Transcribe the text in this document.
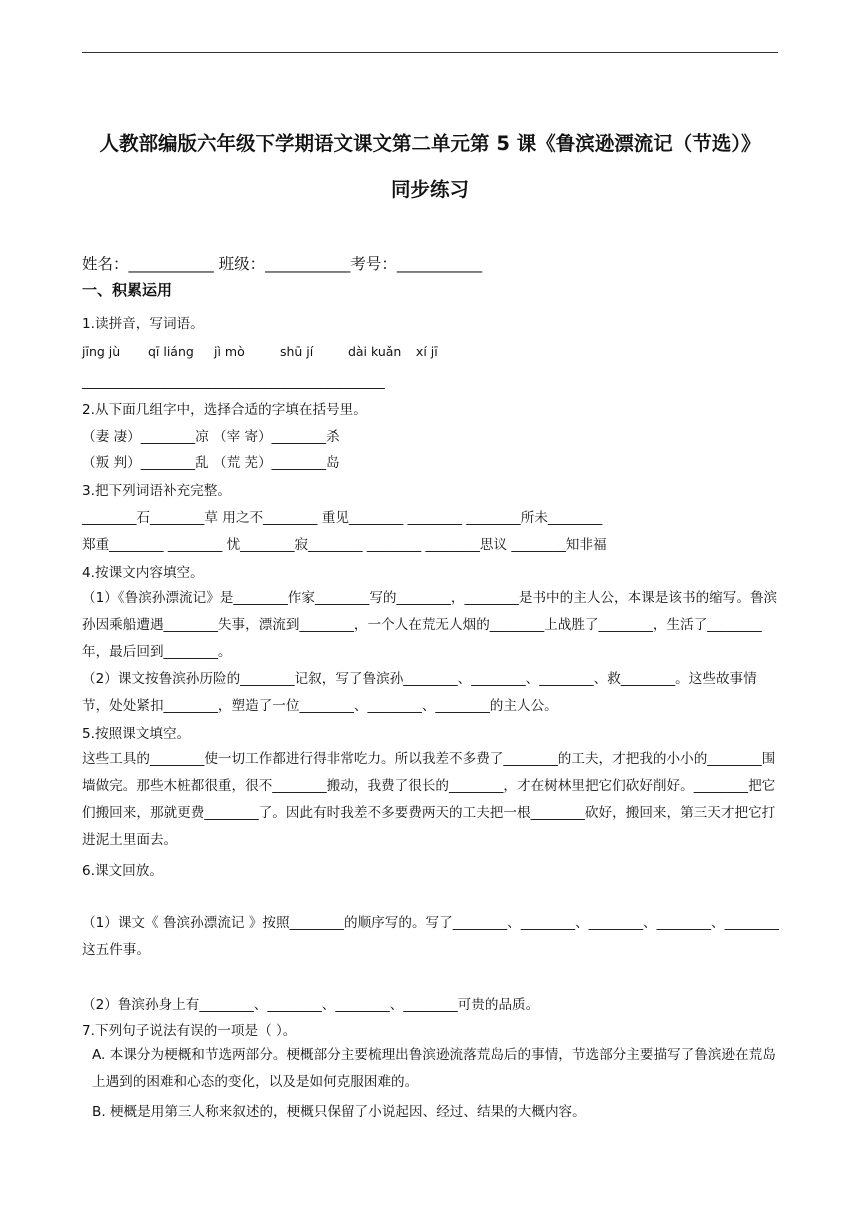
人教部编版六年级下学期语文课文第二单元第 5 课《鲁滨逊漂流记（节选）》
同步练习
姓名：___________ 班级：___________考号：___________
一、积累运用
1.读拼音，写词语。
jīng jù qī liáng jì mò	shū jí	dài kuǎn xí jī
________________________________________________
2.从下面几组字中，选择合适的字填在括号里。
（妻 凄）________凉 （宰 寄）________杀
（叛 判）________乱 （荒 芜）________岛
3.把下列词语补充完整。
________石________草 用之不________ 重见________ ________ ________所未________
郑重________ ________ 忧________寂________ ________ ________思议 ________知非福
4.按课文内容填空。
（1）《鲁滨孙漂流记》是________作家________写的________，________是书中的主人公，本课是该书的缩写。鲁滨孙因乘船遭遇________失事，漂流到________，一个人在荒无人烟的________上战胜了________，生活了________年，最后回到________。
（2）课文按鲁滨孙历险的________记叙，写了鲁滨孙________、________、________、救________。这些故事情节，处处紧扣________，塑造了一位________、________、________的主人公。
5.按照课文填空。
这些工具的________使一切工作都进行得非常吃力。所以我差不多费了________的工夫，才把我的小小的________围墙做完。那些木桩都很重，很不________搬动，我费了很长的________，才在树林里把它们砍好削好。________把它们搬回来，那就更费________了。因此有时我差不多要费两天的工夫把一根________砍好，搬回来，第三天才把它打进泥土里面去。
6.课文回放。
（1）课文《 鲁滨孙漂流记 》按照________的顺序写的。写了________、________、________、________、________这五件事。
（2）鲁滨孙身上有________、________、________、________可贵的品质。
7.下列句子说法有误的一项是（ ）。
A. 本课分为梗概和节选两部分。梗概部分主要梳理出鲁滨逊流落荒岛后的事情，节选部分主要描写了鲁滨逊在荒岛上遇到的困难和心态的变化，以及是如何克服困难的。
B. 梗概是用第三人称来叙述的，梗概只保留了小说起因、经过、结果的大概内容。
